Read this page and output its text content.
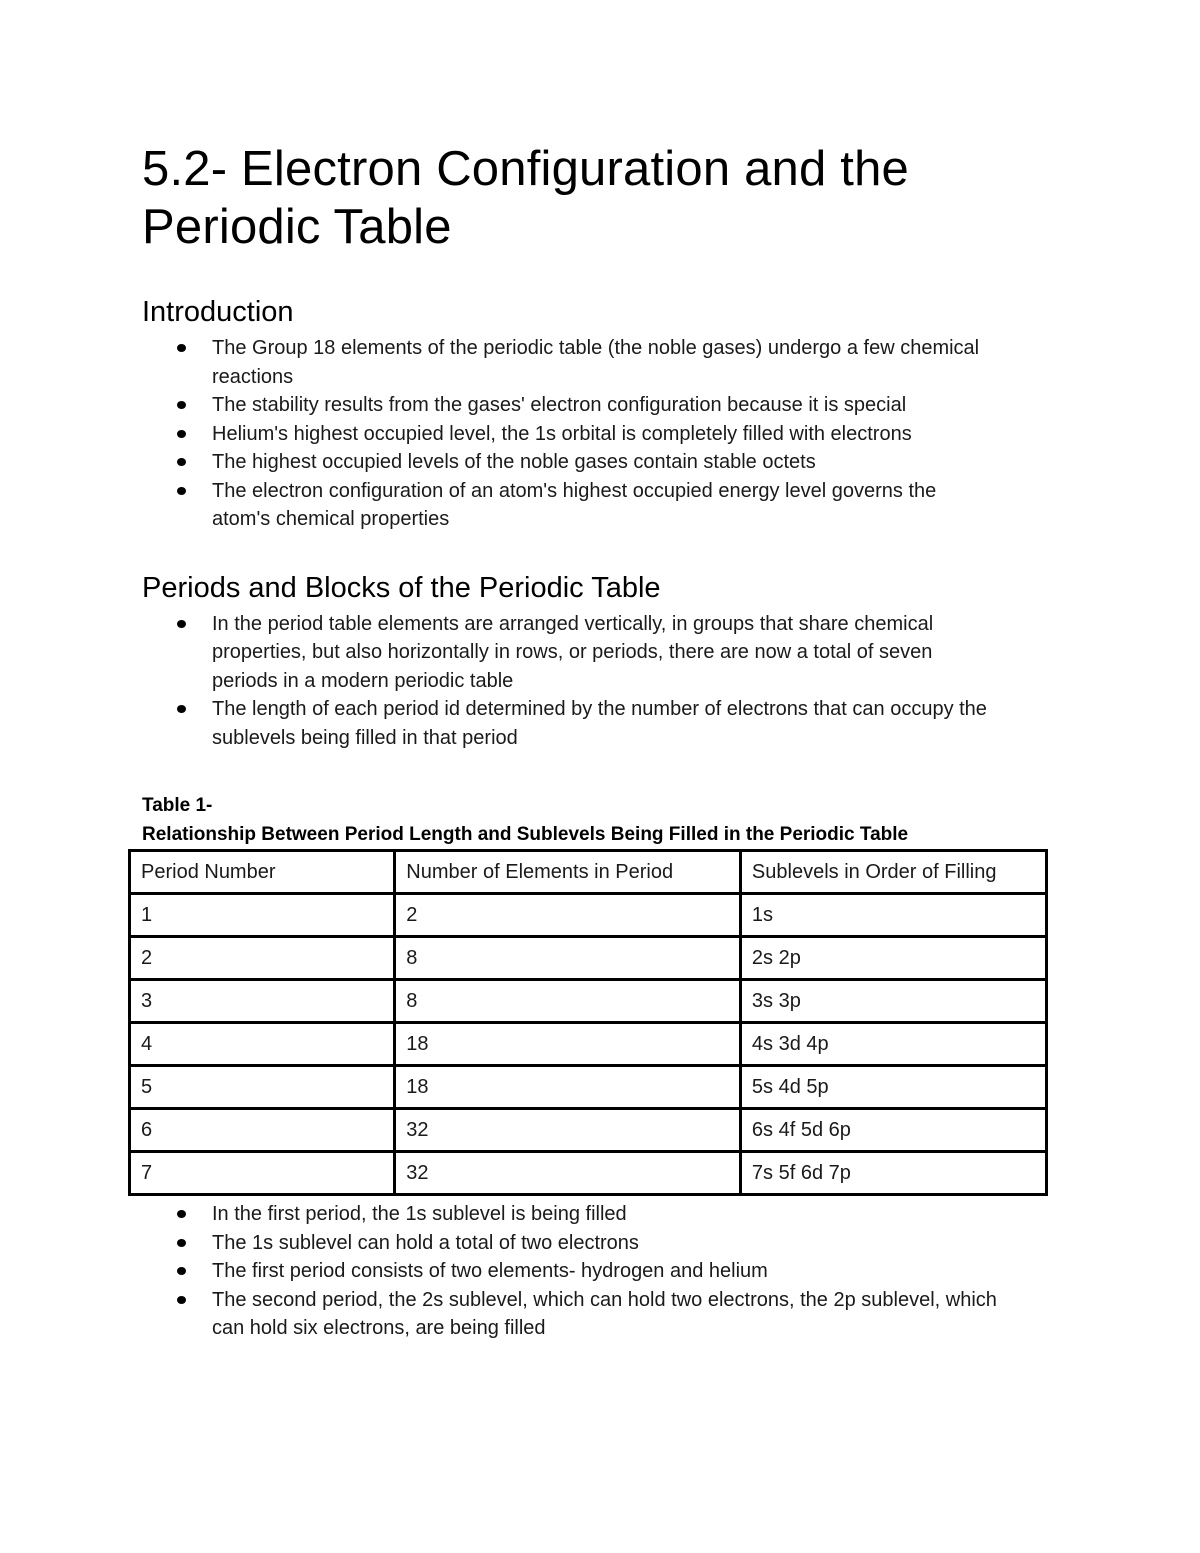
5.2- Electron Configuration and the Periodic Table
Introduction
The Group 18 elements of the periodic table (the noble gases) undergo a few chemical
reactions
The stability results from the gases' electron configuration because it is special
Helium's highest occupied level, the 1s orbital is completely filled with electrons
The highest occupied levels of the noble gases contain stable octets
The electron configuration of an atom's highest occupied energy level governs the
atom's chemical properties
Periods and Blocks of the Periodic Table
In the period table elements are arranged vertically, in groups that share chemical
properties, but also horizontally in rows, or periods, there are now a total of seven
periods in a modern periodic table
The length of each period id determined by the number of electrons that can occupy the
sublevels being filled in that period
Table 1-
Relationship Between Period Length and Sublevels Being Filled in the Periodic Table
Period Number	Number of Elements in Period	Sublevels in Order of Filling
1	2	1s
2	8	2s 2p
3	8	3s 3p
4	18	4s 3d 4p
5	18	5s 4d 5p
6	32	6s 4f 5d 6p
7	32	7s 5f 6d 7p
In the first period, the 1s sublevel is being filled
The 1s sublevel can hold a total of two electrons
The first period consists of two elements- hydrogen and helium
The second period, the 2s sublevel, which can hold two electrons, the 2p sublevel, which
can hold six electrons, are being filled
